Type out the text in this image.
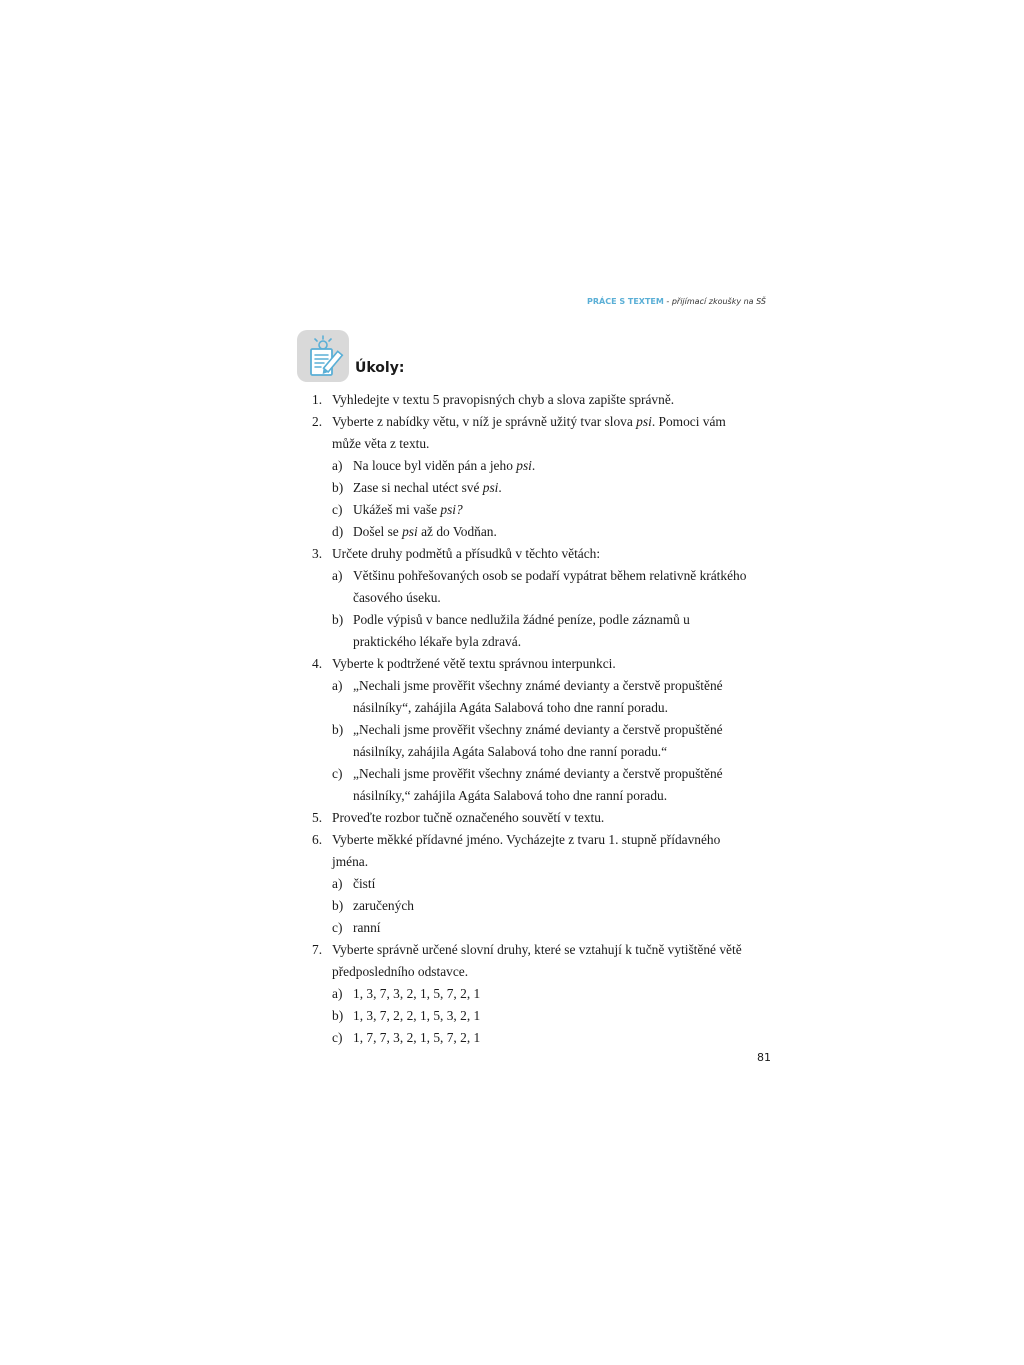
PRÁCE S TEXTEM - přijímací zkoušky na SŠ
Úkoly:
1. Vyhledejte v textu 5 pravopisných chyb a slova zapište správně.
2. Vyberte z nabídky větu, v níž je správně užitý tvar slova psi. Pomoci vám může věta z textu.
a) Na louce byl viděn pán a jeho psi.
b) Zase si nechal utéct své psi.
c) Ukážeš mi vaše psi?
d) Došel se psi až do Vodňan.
3. Určete druhy podmětů a přísudků v těchto větách:
a) Většinu pohřešovaných osob se podaří vypátrat během relativně krátkého časového úseku.
b) Podle výpisů v bance nedlužila žádné peníze, podle záznamů u praktického lékaře byla zdravá.
4. Vyberte k podtržené větě textu správnou interpunkci.
a) „Nechali jsme prověřit všechny známé devianty a čerstvě propuštěné násilníky“, zahájila Agáta Salabová toho dne ranní poradu.
b) „Nechali jsme prověřit všechny známé devianty a čerstvě propuštěné násilníky, zahájila Agáta Salabová toho dne ranní poradu.“
c) „Nechali jsme prověřit všechny známé devianty a čerstvě propuštěné násilníky,“ zahájila Agáta Salabová toho dne ranní poradu.
5. Proveďte rozbor tučně označeného souvětí v textu.
6. Vyberte měkké přídavné jméno. Vycházejte z tvaru 1. stupně přídavného jména.
a) čistí
b) zaručených
c) ranní
7. Vyberte správně určené slovní druhy, které se vztahují k tučně vytištěné větě předposledního odstavce.
a) 1, 3, 7, 3, 2, 1, 5, 7, 2, 1
b) 1, 3, 7, 2, 2, 1, 5, 3, 2, 1
c) 1, 7, 7, 3, 2, 1, 5, 7, 2, 1
81
